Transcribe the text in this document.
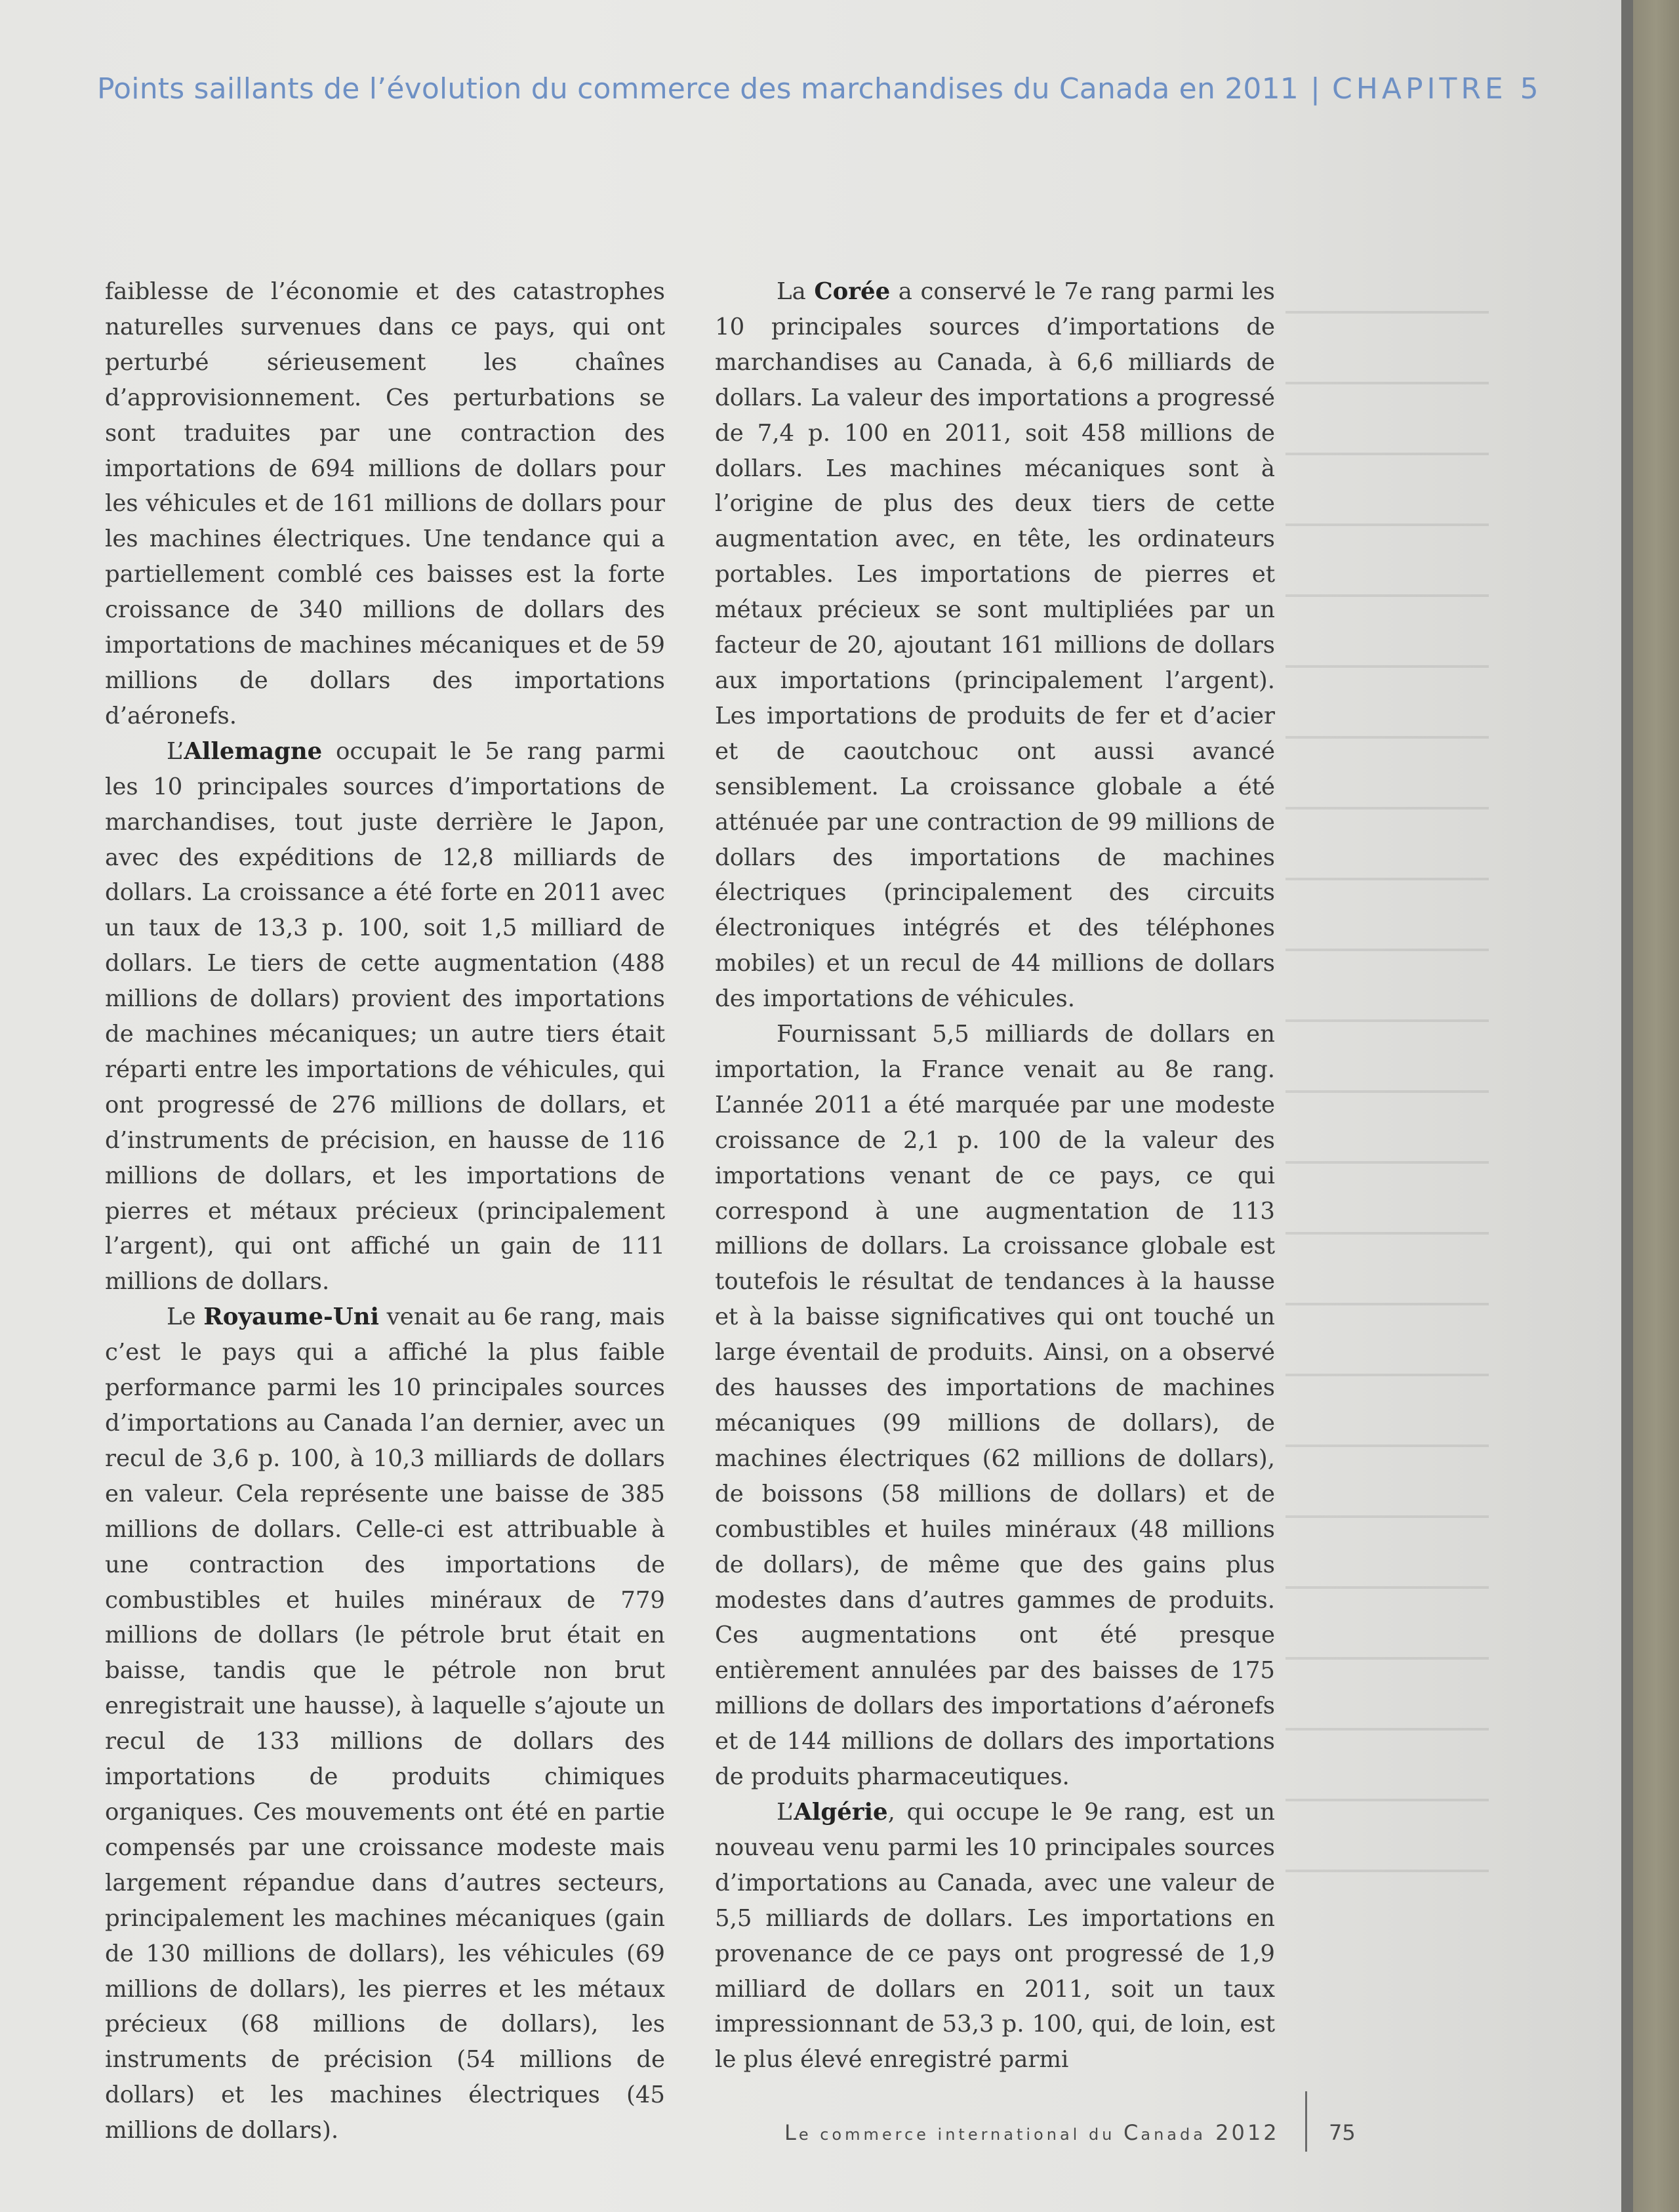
Points saillants de l’évolution du commerce des marchandises du Canada en 2011 | CHAPITRE 5

faiblesse de l’économie et des catastrophes naturelles survenues dans ce pays, qui ont perturbé sérieusement les chaînes d’approvisionnement. Ces perturbations se sont traduites par une contraction des importations de 694 millions de dollars pour les véhicules et de 161 millions de dollars pour les machines électriques. Une tendance qui a partiellement comblé ces baisses est la forte croissance de 340 millions de dollars des importations de machines mécaniques et de 59 millions de dollars des importations d’aéronefs.

L’Allemagne occupait le 5e rang parmi les 10 principales sources d’importations de marchandises, tout juste derrière le Japon, avec des expéditions de 12,8 milliards de dollars. La croissance a été forte en 2011 avec un taux de 13,3 p. 100, soit 1,5 milliard de dollars. Le tiers de cette augmentation (488 millions de dollars) provient des importations de machines mécaniques; un autre tiers était réparti entre les importations de véhicules, qui ont progressé de 276 millions de dollars, et d’instruments de précision, en hausse de 116 millions de dollars, et les importations de pierres et métaux précieux (principalement l’argent), qui ont affiché un gain de 111 millions de dollars.

Le Royaume-Uni venait au 6e rang, mais c’est le pays qui a affiché la plus faible performance parmi les 10 principales sources d’importations au Canada l’an dernier, avec un recul de 3,6 p. 100, à 10,3 milliards de dollars en valeur. Cela représente une baisse de 385 millions de dollars. Celle-ci est attribuable à une contraction des importations de combustibles et huiles minéraux de 779 millions de dollars (le pétrole brut était en baisse, tandis que le pétrole non brut enregistrait une hausse), à laquelle s’ajoute un recul de 133 millions de dollars des importations de produits chimiques organiques. Ces mouvements ont été en partie compensés par une croissance modeste mais largement répandue dans d’autres secteurs, principalement les machines mécaniques (gain de 130 millions de dollars), les véhicules (69 millions de dollars), les pierres et les métaux précieux (68 millions de dollars), les instruments de précision (54 millions de dollars) et les machines électriques (45 millions de dollars).

La Corée a conservé le 7e rang parmi les 10 principales sources d’importations de marchandises au Canada, à 6,6 milliards de dollars. La valeur des importations a progressé de 7,4 p. 100 en 2011, soit 458 millions de dollars. Les machines mécaniques sont à l’origine de plus des deux tiers de cette augmentation avec, en tête, les ordinateurs portables. Les importations de pierres et métaux précieux se sont multipliées par un facteur de 20, ajoutant 161 millions de dollars aux importations (principalement l’argent). Les importations de produits de fer et d’acier et de caoutchouc ont aussi avancé sensiblement. La croissance globale a été atténuée par une contraction de 99 millions de dollars des importations de machines électriques (principalement des circuits électroniques intégrés et des téléphones mobiles) et un recul de 44 millions de dollars des importations de véhicules.

Fournissant 5,5 milliards de dollars en importation, la France venait au 8e rang. L’année 2011 a été marquée par une modeste croissance de 2,1 p. 100 de la valeur des importations venant de ce pays, ce qui correspond à une augmentation de 113 millions de dollars. La croissance globale est toutefois le résultat de tendances à la hausse et à la baisse significatives qui ont touché un large éventail de produits. Ainsi, on a observé des hausses des importations de machines mécaniques (99 millions de dollars), de machines électriques (62 millions de dollars), de boissons (58 millions de dollars) et de combustibles et huiles minéraux (48 millions de dollars), de même que des gains plus modestes dans d’autres gammes de produits. Ces augmentations ont été presque entièrement annulées par des baisses de 175 millions de dollars des importations d’aéronefs et de 144 millions de dollars des importations de produits pharmaceutiques.

L’Algérie, qui occupe le 9e rang, est un nouveau venu parmi les 10 principales sources d’importations au Canada, avec une valeur de 5,5 milliards de dollars. Les importations en provenance de ce pays ont progressé de 1,9 milliard de dollars en 2011, soit un taux impressionnant de 53,3 p. 100, qui, de loin, est le plus élevé enregistré parmi

Le commerce international du Canada 2012 75
